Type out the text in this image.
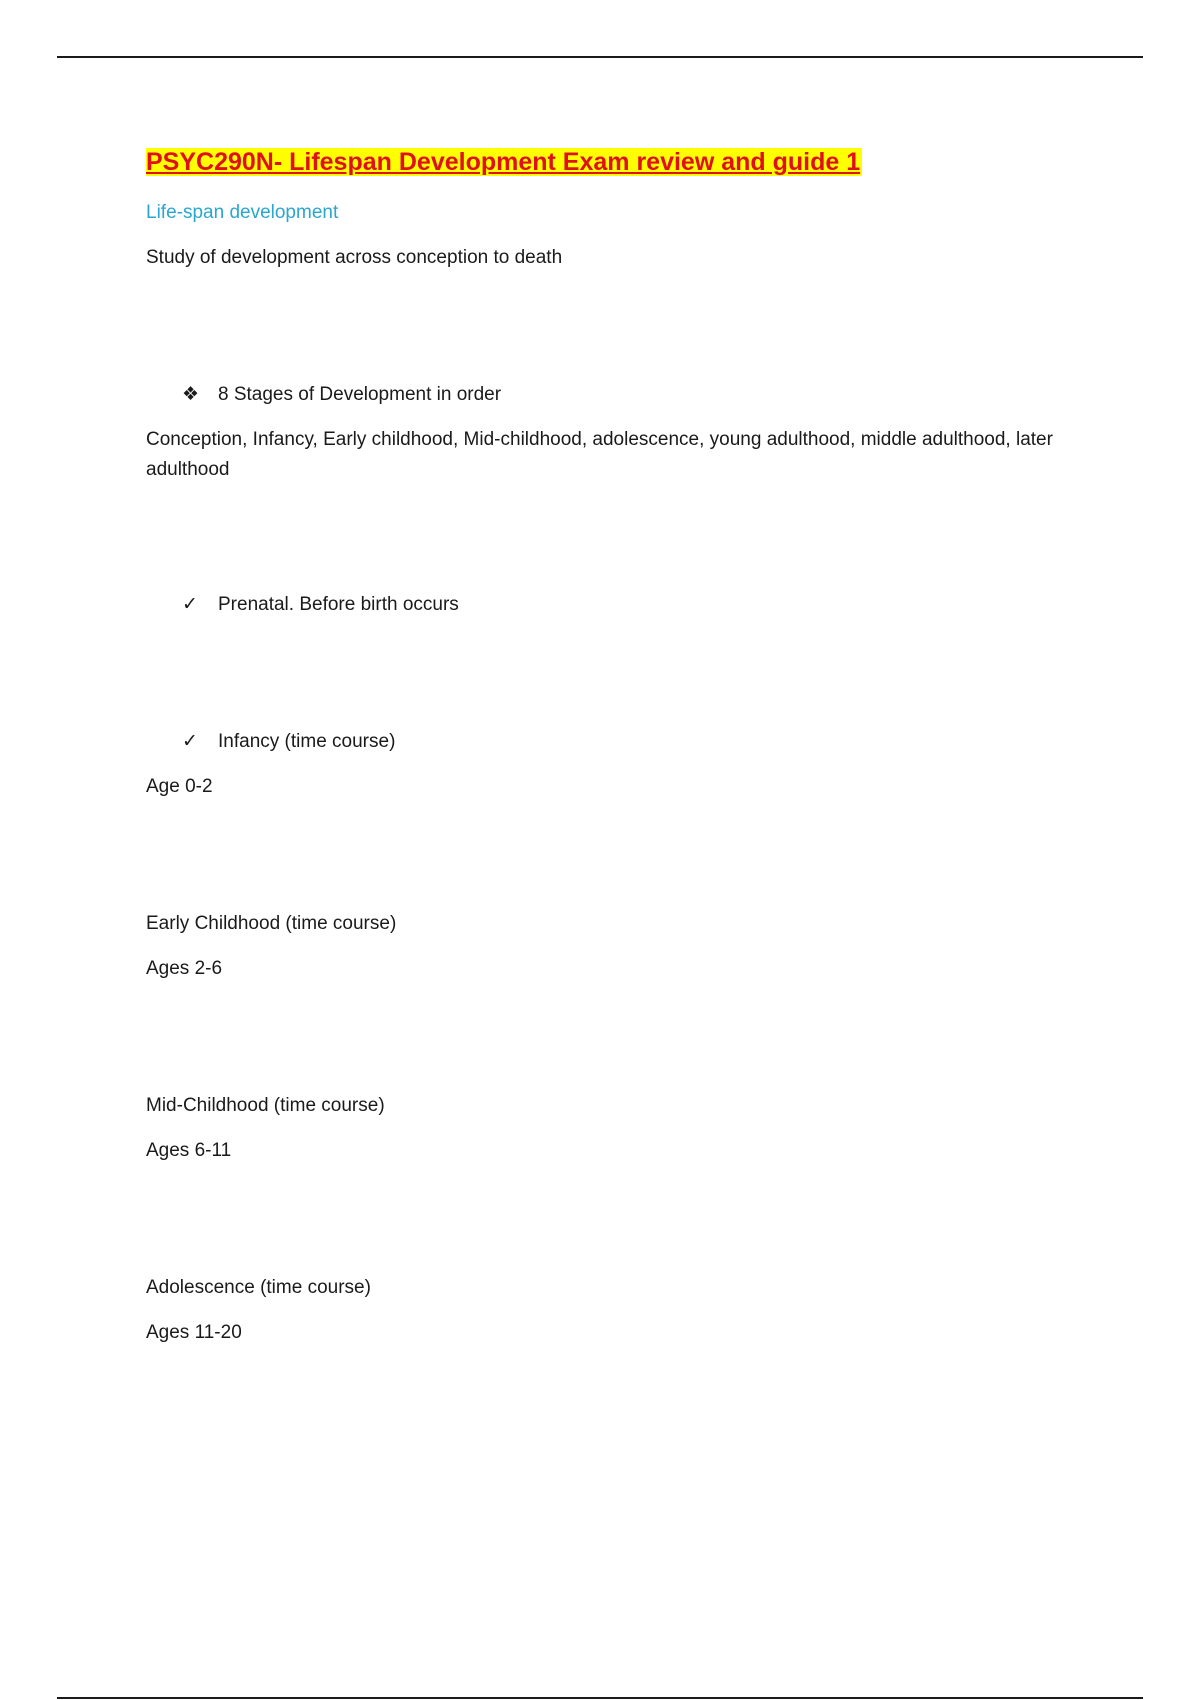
PSYC290N- Lifespan Development Exam review and guide 1
Life-span development
Study of development across conception to death
❖ 8 Stages of Development in order
Conception, Infancy, Early childhood, Mid-childhood, adolescence, young adulthood, middle adulthood, later adulthood
✓ Prenatal. Before birth occurs
✓ Infancy (time course)
Age 0-2
Early Childhood (time course)
Ages 2-6
Mid-Childhood (time course)
Ages 6-11
Adolescence (time course)
Ages 11-20
